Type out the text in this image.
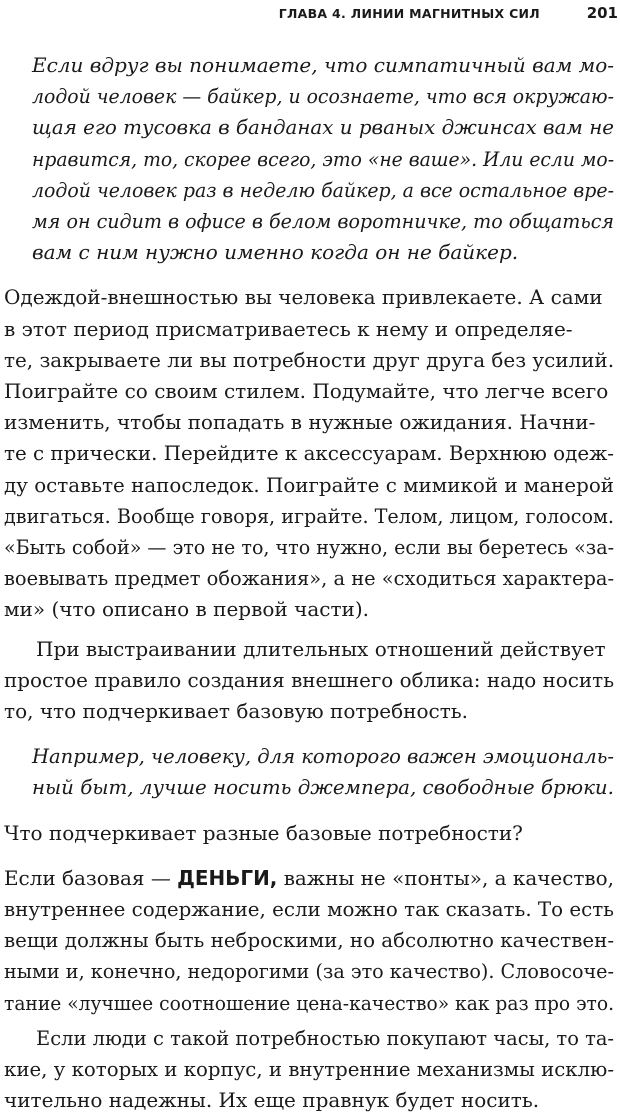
ГЛАВА 4. ЛИНИИ МАГНИТНЫХ СИЛ	201
Если вдруг вы понимаете, что симпатичный вам мо-
лодой человек — байкер, и осознаете, что вся окружаю-
щая его тусовка в банданах и рваных джинсах вам не
нравится, то, скорее всего, это «не ваше». Или если мо-
лодой человек раз в неделю байкер, а все остальное вре-
мя он сидит в офисе в белом воротничке, то общаться
вам с ним нужно именно когда он не байкер.
Одеждой-внешностью вы человека привлекаете. А сами
в этот период присматриваетесь к нему и определяе-
те, закрываете ли вы потребности друг друга без усилий.
Поиграйте со своим стилем. Подумайте, что легче всего
изменить, чтобы попадать в нужные ожидания. Начни-
те с прически. Перейдите к аксессуарам. Верхнюю одеж-
ду оставьте напоследок. Поиграйте с мимикой и манерой
двигаться. Вообще говоря, играйте. Телом, лицом, голосом.
«Быть собой» — это не то, что нужно, если вы беретесь «за-
воевывать предмет обожания», а не «сходиться характера-
ми» (что описано в первой части).
При выстраивании длительных отношений действует
простое правило создания внешнего облика: надо носить
то, что подчеркивает базовую потребность.
Например, человеку, для которого важен эмоциональ-
ный быт, лучше носить джемпера, свободные брюки.
Что подчеркивает разные базовые потребности?
Если базовая — ДЕНЬГИ, важны не «понты», а качество,
внутреннее содержание, если можно так сказать. То есть
вещи должны быть неброскими, но абсолютно качествен-
ными и, конечно, недорогими (за это качество). Словосоче-
тание «лучшее соотношение цена-качество» как раз про это.
Если люди с такой потребностью покупают часы, то та-
кие, у которых и корпус, и внутренние механизмы исклю-
чительно надежны. Их еще правнук будет носить.
